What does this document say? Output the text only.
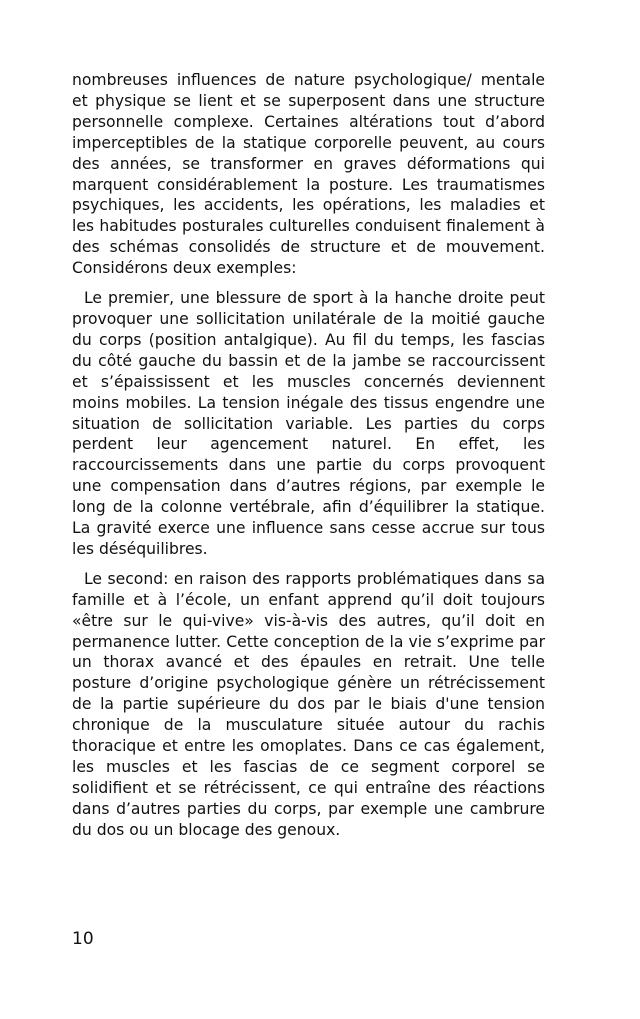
nombreuses influences de nature psychologique/ mentale et physique se lient et se superposent dans une structure personnelle complexe. Certaines altérations tout d’abord imperceptibles de la statique corporelle peuvent, au cours des années, se transformer en graves déformations qui marquent considérablement la posture. Les traumatismes psychiques, les accidents, les opérations, les maladies et les habitudes posturales culturelles conduisent finalement à des schémas consolidés de structure et de mouvement. Considérons deux exemples:

Le premier, une blessure de sport à la hanche droite peut provoquer une sollicitation unilatérale de la moitié gauche du corps (position antalgique). Au fil du temps, les fascias du côté gauche du bassin et de la jambe se raccourcissent et s’épaississent et les muscles concernés deviennent moins mobiles. La tension inégale des tissus engendre une situation de sollicitation variable. Les parties du corps perdent leur agencement naturel. En effet, les raccourcissements dans une partie du corps provoquent une compensation dans d’autres régions, par exemple le long de la colonne vertébrale, afin d’équilibrer la statique. La gravité exerce une influence sans cesse accrue sur tous les déséquilibres.

Le second: en raison des rapports problématiques dans sa famille et à l’école, un enfant apprend qu’il doit toujours «être sur le qui-vive» vis-à-vis des autres, qu’il doit en permanence lutter. Cette conception de la vie s’exprime par un thorax avancé et des épaules en retrait. Une telle posture d’origine psychologique génère un rétrécissement de la partie supérieure du dos par le biais d'une tension chronique de la musculature située autour du rachis thoracique et entre les omoplates. Dans ce cas également, les muscles et les fascias de ce segment corporel se solidifient et se rétrécissent, ce qui entraîne des réactions dans d’autres parties du corps, par exemple une cambrure du dos ou un blocage des genoux.

10
